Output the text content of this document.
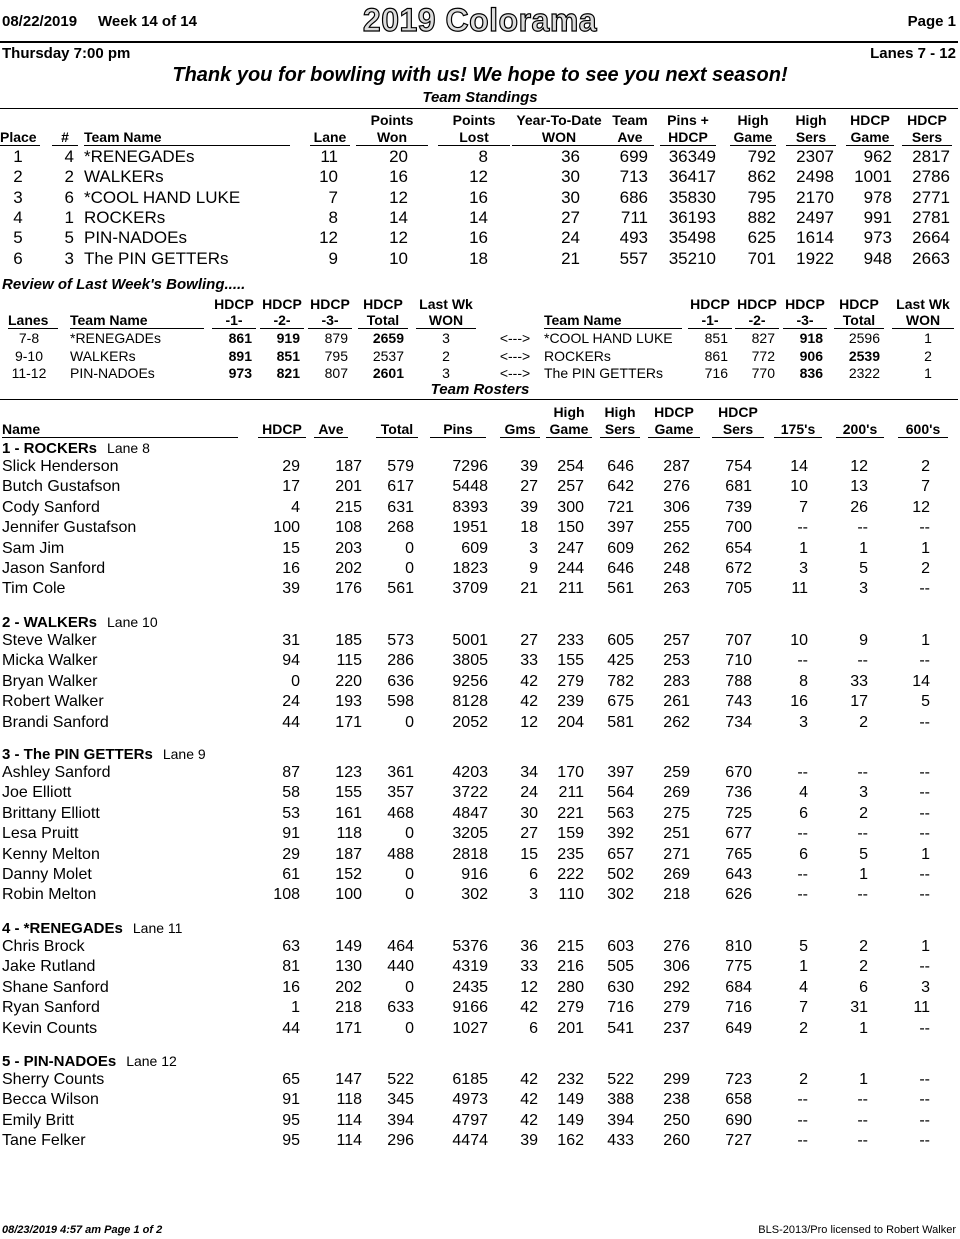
08/22/2019 Week 14 of 14	2019 Colorama	Page 1
Thursday 7:00 pm	Lanes 7 - 12
Thank you for bowling with us! We hope to see you next season!
Team Standings
Place	#	Team Name	Lane
Points
Won
Points
Lost
Year-To-Date
WON
Team
Ave
Pins +
HDCP
High
Game
High
Sers
HDCP
Game
HDCP
Sers
1	4 *RENEGADEs	11	20	8	36	699	36349	792	2307	962	2817
2	2 WALKERs	10	16	12	30	713	36417	862	2498	1001	2786
3	6 *COOL HAND LUKE	7	12	16	30	686	35830	795	2170	978	2771
4	1 ROCKERs	8	14	14	27	711	36193	882	2497	991	2781
5	5 PIN-NADOEs	12	12	16	24	493	35498	625	1614	973	2664
6	3 The PIN GETTERs	9	10	18	21	557	35210	701	1922	948	2663
Review of Last Week's Bowling.....
Lanes	Team Name
HDCP
-1-
HDCP
-2-
HDCP
-3-
HDCP
Total
Last Wk
WON	Team Name
HDCP
-1-
HDCP
-2-
HDCP
-3-
HDCP
Total
Last Wk
WON
7-8	*RENEGADEs	861	919	879	2659	3	<---> *COOL HAND LUKE	851	827	918	2596	1
9-10	WALKERs	891	851	795	2537	2	<---> ROCKERs	861	772	906	2539	2
11-12	PIN-NADOEs	973	821	807	2601	3	<---> The PIN GETTERs	716	770	836	2322	1
Team Rosters
Name	HDCP	Ave	Total	Pins	Gms
High
Game
High
Sers
HDCP
Game
HDCP
Sers	175's	200's	600's
1 - ROCKERs Lane 8
Slick Henderson	29	187	579	7296	39	254	646	287	754	14	12	2
Butch Gustafson	17	201	617	5448	27	257	642	276	681	10	13	7
Cody Sanford	4	215	631	8393	39	300	721	306	739	7	26	12
Jennifer Gustafson	100	108	268	1951	18	150	397	255	700	--	--	--
Sam Jim	15	203	0	609	3	247	609	262	654	1	1	1
Jason Sanford	16	202	0	1823	9	244	646	248	672	3	5	2
Tim Cole	39	176	561	3709	21	211	561	263	705	11	3	--
2 - WALKERs Lane 10
Steve Walker	31	185	573	5001	27	233	605	257	707	10	9	1
Micka Walker	94	115	286	3805	33	155	425	253	710	--	--	--
Bryan Walker	0	220	636	9256	42	279	782	283	788	8	33	14
Robert Walker	24	193	598	8128	42	239	675	261	743	16	17	5
Brandi Sanford	44	171	0	2052	12	204	581	262	734	3	2	--
3 - The PIN GETTERs Lane 9
Ashley Sanford	87	123	361	4203	34	170	397	259	670	--	--	--
Joe Elliott	58	155	357	3722	24	211	564	269	736	4	3	--
Brittany Elliott	53	161	468	4847	30	221	563	275	725	6	2	--
Lesa Pruitt	91	118	0	3205	27	159	392	251	677	--	--	--
Kenny Melton	29	187	488	2818	15	235	657	271	765	6	5	1
Danny Molet	61	152	0	916	6	222	502	269	643	--	1	--
Robin Melton	108	100	0	302	3	110	302	218	626	--	--	--
4 - *RENEGADEs Lane 11
Chris Brock	63	149	464	5376	36	215	603	276	810	5	2	1
Jake Rutland	81	130	440	4319	33	216	505	306	775	1	2	--
Shane Sanford	16	202	0	2435	12	280	630	292	684	4	6	3
Ryan Sanford	1	218	633	9166	42	279	716	279	716	7	31	11
Kevin Counts	44	171	0	1027	6	201	541	237	649	2	1	--
5 - PIN-NADOEs Lane 12
Sherry Counts	65	147	522	6185	42	232	522	299	723	2	1	--
Becca Wilson	91	118	345	4973	42	149	388	238	658	--	--	--
Emily Britt	95	114	394	4797	42	149	394	250	690	--	--	--
Tane Felker	95	114	296	4474	39	162	433	260	727	--	--	--
08/23/2019 4:57 am Page 1 of 2	BLS-2013/Pro licensed to Robert Walker
